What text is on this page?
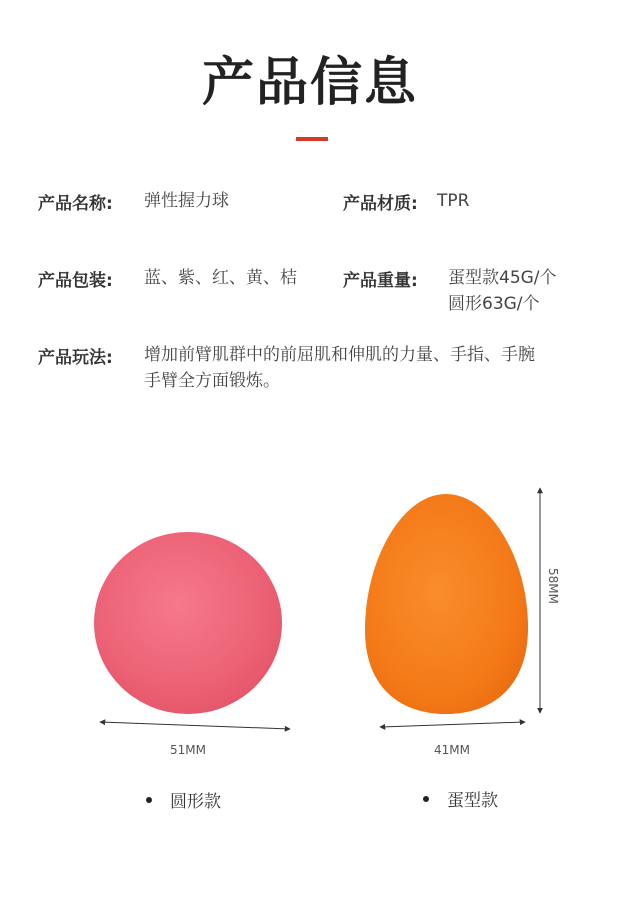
产品信息
产品名称: 弹性握力球	产品材质: TPR
产品包装: 蓝、紫、红、黄、桔	产品重量: 蛋型款45G/个
圆形63G/个
产品玩法: 增加前臂肌群中的前屈肌和伸肌的力量、手指、手腕
手臂全方面锻炼。
51MM	41MM
58MM
圆形款	蛋型款
